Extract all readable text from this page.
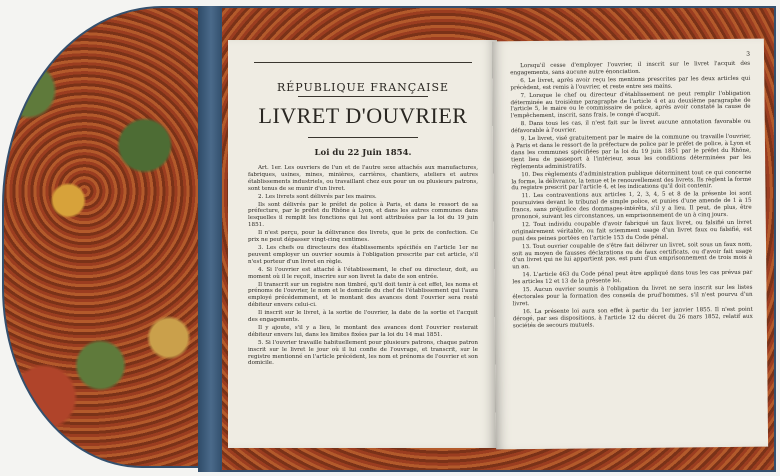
RÉPUBLIQUE FRANÇAISE
LIVRET D'OUVRIER
Loi du 22 Juin 1854.

Art. 1er. Les ouvriers de l'un et de l'autre sexe attachés aux manufactures, fabriques, usines, mines, minières, carrières, chantiers, ateliers et autres établissements industriels, ou travaillant chez eux pour un ou plusieurs patrons, sont tenus de se munir d'un livret.

2. Les livrets sont délivrés par les maires.

Ils sont délivrés par le préfet de police à Paris, et dans le ressort de sa préfecture, par le préfet du Rhône à Lyon, et dans les autres communes dans lesquelles il remplit les fonctions qui lui sont attribuées par la loi du 19 juin 1851.

Il n'est perçu, pour la délivrance des livrets, que le prix de confection. Ce prix ne peut dépasser vingt-cinq centimes.

3. Les chefs ou directeurs des établissements spécifiés en l'article 1er ne peuvent employer un ouvrier soumis à l'obligation prescrite par cet article, s'il n'est porteur d'un livret en règle.

4. Si l'ouvrier est attaché à l'établissement, le chef ou directeur, doit, au moment où il le reçoit, inscrire sur son livret la date de son entrée.

Il transcrit sur un registre non timbré, qu'il doit tenir à cet effet, les noms et prénoms de l'ouvrier, le nom et le domicile du chef de l'établissement qui l'aura employé précédemment, et le montant des avances dont l'ouvrier sera resté débiteur envers celui-ci.

Il inscrit sur le livret, à la sortie de l'ouvrier, la date de la sortie et l'acquit des engagements.

Il y ajoute, s'il y a lieu, le montant des avances dont l'ouvrier resterait débiteur envers lui, dans les limites fixées par la loi du 14 mai 1851.

5. Si l'ouvrier travaille habituellement pour plusieurs patrons, chaque patron inscrit sur le livret le jour où il lui confie de l'ouvrage, et transcrit, sur le registre mentionné en l'article précédent, les nom et prénoms de l'ouvrier et son domicile.

3

Lorsqu'il cesse d'employer l'ouvrier, il inscrit sur le livret l'acquit des engagements, sans aucune autre énonciation.

6. Le livret, après avoir reçu les mentions prescrites par les deux articles qui précèdent, est remis à l'ouvrier, et reste entre ses mains.

7. Lorsque le chef ou directeur d'établissement ne peut remplir l'obligation déterminée au troisième paragraphe de l'article 4 et au deuxième paragraphe de l'article 5, le maire ou le commissaire de police, après avoir constaté la cause de l'empêchement, inscrit, sans frais, le congé d'acquit.

8. Dans tous les cas, il n'est fait sur le livret aucune annotation favorable ou défavorable à l'ouvrier.

9. Le livret, visé gratuitement par le maire de la commune ou travaille l'ouvrier, à Paris et dans le ressort de la préfecture de police par le préfet de police, à Lyon et dans les communes spécifiées par la loi du 19 juin 1851 par le préfet du Rhône, tient lieu de passeport à l'intérieur, sous les conditions déterminées par les règlements administratifs.

10. Des règlements d'administration publique déterminent tout ce qui concerne la forme, la délivrance, la tenue et le renouvellement des livrets. Ils règlent la forme du registre prescrit par l'article 4, et les indications qu'il doit contenir.

11. Les contraventions aux articles 1, 2, 3, 4, 5 et 8 de la présente loi sont poursuivies devant le tribunal de simple police, et punies d'une amende de 1 à 15 francs, sans préjudice des dommages-intérêts, s'il y a lieu. Il peut, de plus, être prononcé, suivant les circonstances, un emprisonnement de un à cinq jours.

12. Tout individu coupable d'avoir fabriqué un faux livret, ou falsifié un livret originairement véritable, ou fait sciemment usage d'un livret faux ou falsifié, est puni des peines portées en l'article 153 du Code pénal.

13. Tout ouvrier coupable de s'être fait délivrer un livret, soit sous un faux nom, soit au moyen de fausses déclarations ou de faux certificats, ou d'avoir fait usage d'un livret qui ne lui appartient pas, est puni d'un emprisonnement de trois mois à un an.

14. L'article 463 du Code pénal peut être appliqué dans tous les cas prévus par les articles 12 et 13 de la présente loi.

15. Aucun ouvrier soumis à l'obligation du livret ne sera inscrit sur les listes électorales pour la formation des conseils de prud'hommes, s'il n'est pourvu d'un livret.

16. La présente loi aura son effet à partir du 1er janvier 1855. Il n'est point dérogé, par ses dispositions, à l'article 12 du décret du 26 mars 1852, relatif aux sociétés de secours mutuels.
